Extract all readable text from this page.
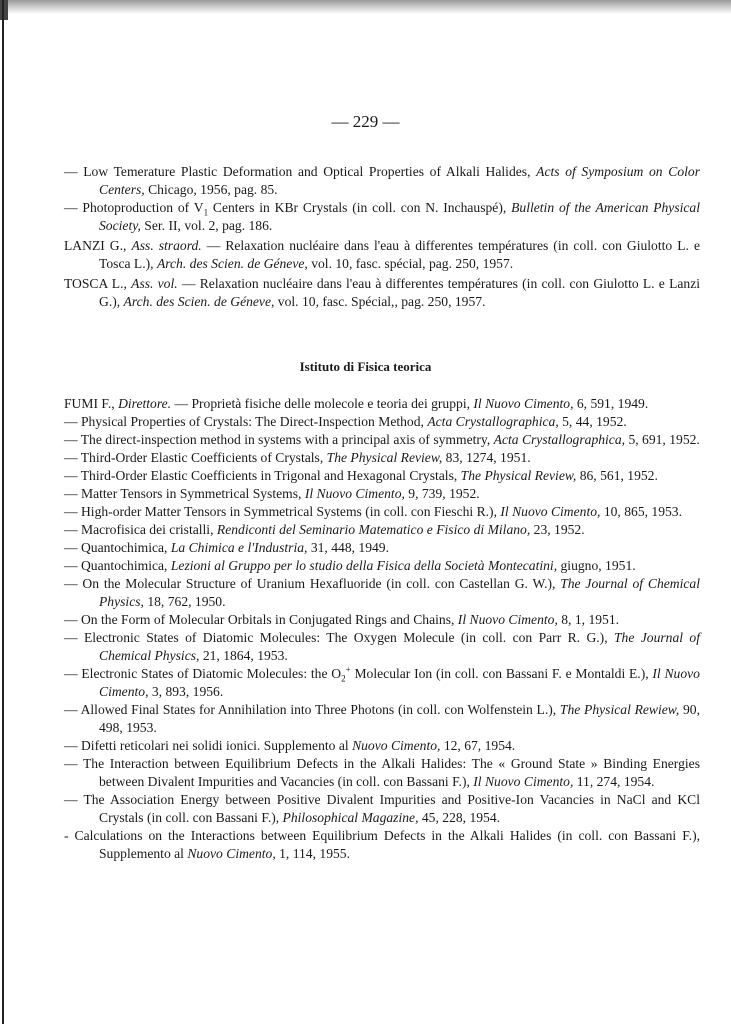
— 229 —

— Low Temerature Plastic Deformation and Optical Properties of Alkali Halides, Acts of Symposium on Color Centers, Chicago, 1956, pag. 85.

— Photoproduction of $V_1$ Centers in KBr Crystals (in coll. con N. Inchauspé), Bulletin of the American Physical Society, Ser. II, vol. 2, pag. 186.

LANZI G., Ass. straord. — Relaxation nucléaire dans l'eau à differentes températures (in coll. con Giulotto L. e Tosca L.), Arch. des Scien. de Géneve, vol. 10, fasc. spécial, pag. 250, 1957.

TOSCA L., Ass. vol. — Relaxation nucléaire dans l'eau à differentes températures (in coll. con Giulotto L. e Lanzi G.), Arch. des Scien. de Géneve, vol. 10, fasc. Spécial,, pag. 250, 1957.

Istituto di Fisica teorica

FUMI F., Direttore. — Proprietà fisiche delle molecole e teoria dei gruppi, Il Nuovo Cimento, 6, 591, 1949.

— Physical Properties of Crystals: The Direct-Inspection Method, Acta Crystallographica, 5, 44, 1952.

— The direct-inspection method in systems with a principal axis of symmetry, Acta Crystallographica, 5, 691, 1952.

— Third-Order Elastic Coefficients of Crystals, The Physical Review, 83, 1274, 1951.

— Third-Order Elastic Coefficients in Trigonal and Hexagonal Crystals, The Physical Review, 86, 561, 1952.

— Matter Tensors in Symmetrical Systems, Il Nuovo Cimento, 9, 739, 1952.

— High-order Matter Tensors in Symmetrical Systems (in coll. con Fieschi R.), Il Nuovo Cimento, 10, 865, 1953.

— Macrofisica dei cristalli, Rendiconti del Seminario Matematico e Fisico di Milano, 23, 1952.

— Quantochimica, La Chimica e l'Industria, 31, 448, 1949.

— Quantochimica, Lezioni al Gruppo per lo studio della Fisica della Società Montecatini, giugno, 1951.

— On the Molecular Structure of Uranium Hexafluoride (in coll. con Castellan G. W.), The Journal of Chemical Physics, 18, 762, 1950.

— On the Form of Molecular Orbitals in Conjugated Rings and Chains, Il Nuovo Cimento, 8, 1, 1951.

— Electronic States of Diatomic Molecules: The Oxygen Molecule (in coll. con Parr R. G.), The Journal of Chemical Physics, 21, 1864, 1953.

— Electronic States of Diatomic Molecules: the $O_2^+$ Molecular Ion (in coll. con Bassani F. e Montaldi E.), Il Nuovo Cimento, 3, 893, 1956.

— Allowed Final States for Annihilation into Three Photons (in coll. con Wolfenstein L.), The Physical Rewiew, 90, 498, 1953.

— Difetti reticolari nei solidi ionici. Supplemento al Nuovo Cimento, 12, 67, 1954.

— The Interaction between Equilibrium Defects in the Alkali Halides: The « Ground State » Binding Energies between Divalent Impurities and Vacancies (in coll. con Bassani F.), Il Nuovo Cimento, 11, 274, 1954.

— The Association Energy between Positive Divalent Impurities and Positive-Ion Vacancies in NaCl and KCl Crystals (in coll. con Bassani F.), Philosophical Magazine, 45, 228, 1954.

- Calculations on the Interactions between Equilibrium Defects in the Alkali Halides (in coll. con Bassani F.), Supplemento al Nuovo Cimento, 1, 114, 1955.
